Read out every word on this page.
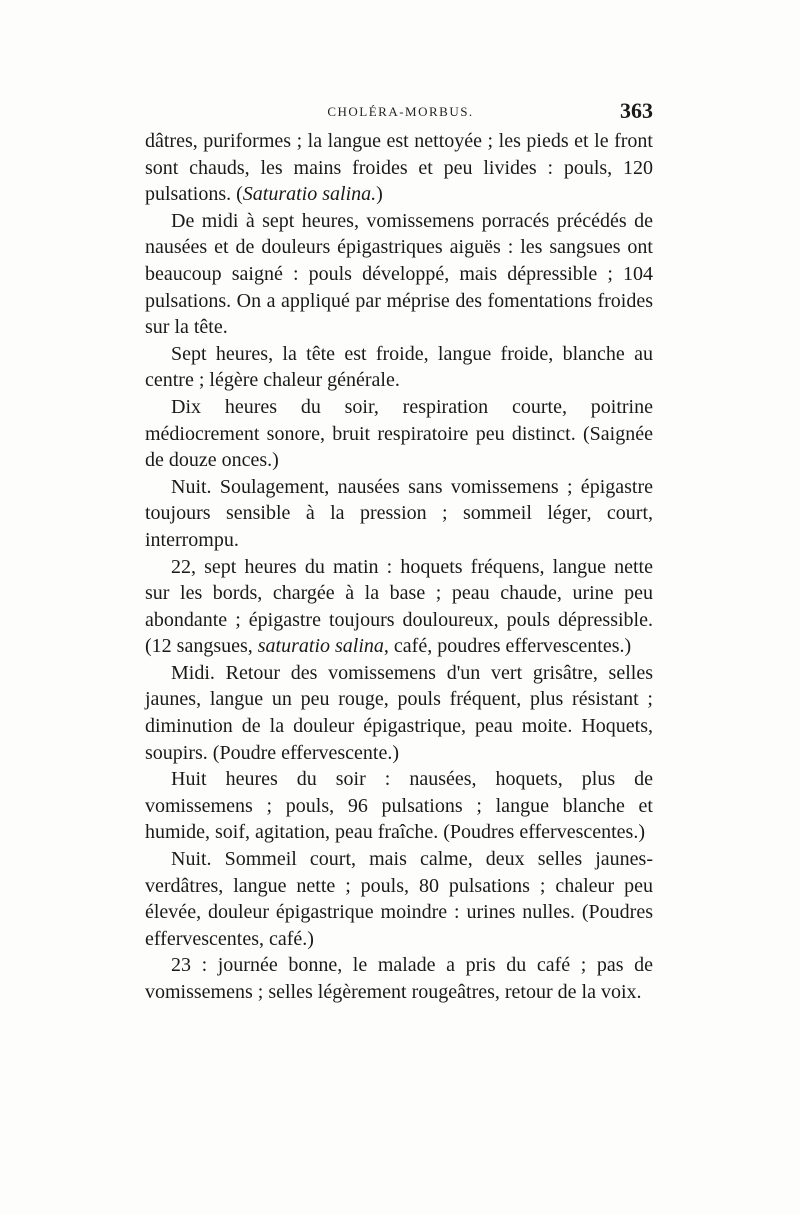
CHOLÉRA-MORBUS.	363

dâtres, puriformes ; la langue est nettoyée ; les pieds et le front sont chauds, les mains froides et peu livides : pouls, 120 pulsations. (Saturatio salina.)

De midi à sept heures, vomissemens porracés précédés de nausées et de douleurs épigastriques aiguës : les sangsues ont beaucoup saigné : pouls développé, mais dépressible ; 104 pulsations. On a appliqué par méprise des fomentations froides sur la tête.

Sept heures, la tête est froide, langue froide, blanche au centre ; légère chaleur générale.

Dix heures du soir, respiration courte, poitrine médiocrement sonore, bruit respiratoire peu distinct. (Saignée de douze onces.)

Nuit. Soulagement, nausées sans vomissemens ; épigastre toujours sensible à la pression ; sommeil léger, court, interrompu.

22, sept heures du matin : hoquets fréquens, langue nette sur les bords, chargée à la base ; peau chaude, urine peu abondante ; épigastre toujours douloureux, pouls dépressible. (12 sangsues, saturatio salina, café, poudres effervescentes.)

Midi. Retour des vomissemens d'un vert grisâtre, selles jaunes, langue un peu rouge, pouls fréquent, plus résistant ; diminution de la douleur épigastrique, peau moite. Hoquets, soupirs. (Poudre effervescente.)

Huit heures du soir : nausées, hoquets, plus de vomissemens ; pouls, 96 pulsations ; langue blanche et humide, soif, agitation, peau fraîche. (Poudres effervescentes.)

Nuit. Sommeil court, mais calme, deux selles jaunes-verdâtres, langue nette ; pouls, 80 pulsations ; chaleur peu élevée, douleur épigastrique moindre : urines nulles. (Poudres effervescentes, café.)

23 : journée bonne, le malade a pris du café ; pas de vomissemens ; selles légèrement rougeâtres, retour de la voix.
